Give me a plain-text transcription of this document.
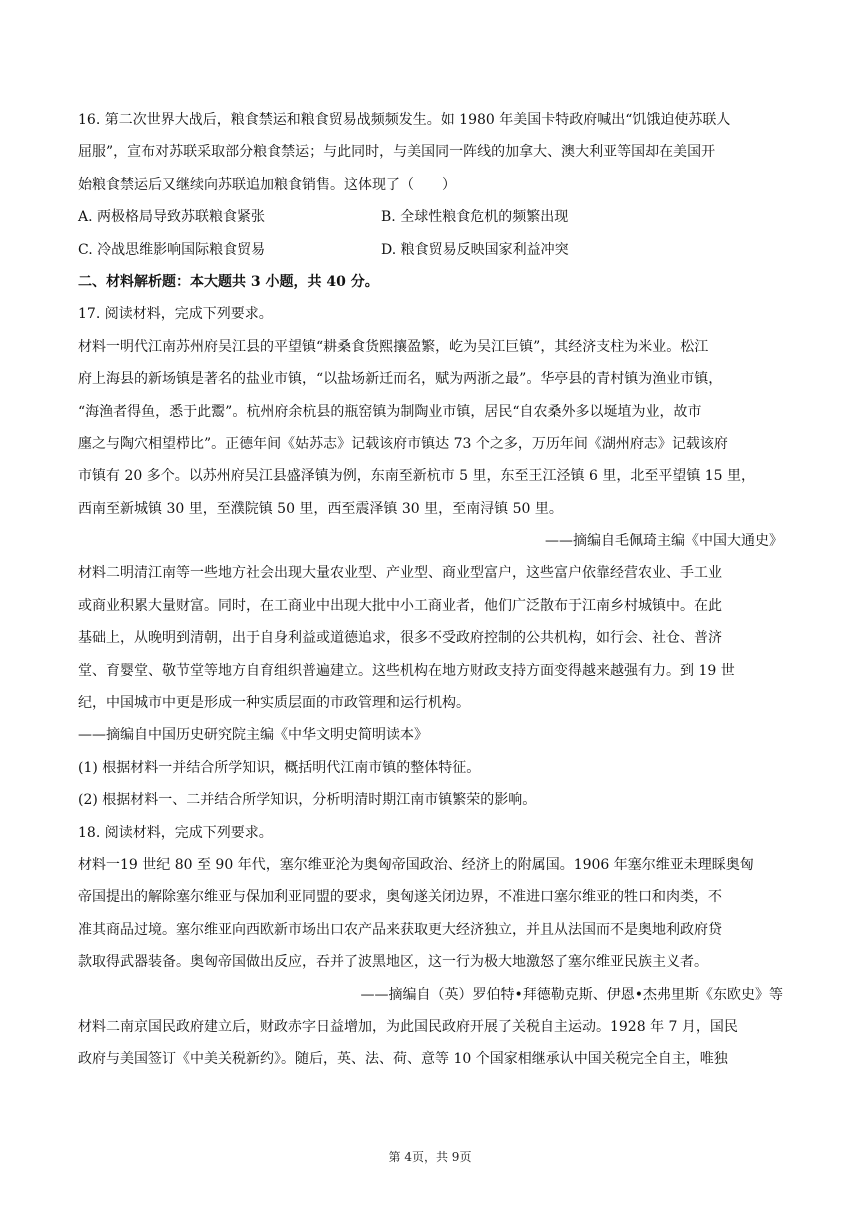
16. 第二次世界大战后，粮食禁运和粮食贸易战频频发生。如 1980 年美国卡特政府喊出“饥饿迫使苏联人
屈服”，宣布对苏联采取部分粮食禁运；与此同时，与美国同一阵线的加拿大、澳大利亚等国却在美国开
始粮食禁运后又继续向苏联追加粮食销售。这体现了（　　）
A. 两极格局导致苏联粮食紧张	B. 全球性粮食危机的频繁出现
C. 冷战思维影响国际粮食贸易	D. 粮食贸易反映国家利益冲突
二、材料解析题：本大题共 3 小题，共 40 分。
17. 阅读材料，完成下列要求。
材料一明代江南苏州府吴江县的平望镇“耕桑食货熙攘盈繁，屹为吴江巨镇”，其经济支柱为米业。松江
府上海县的新场镇是著名的盐业市镇，“以盐场新迁而名，赋为两浙之最”。华亭县的青村镇为渔业市镇，
“海渔者得鱼，悉于此鬻”。杭州府余杭县的瓶窑镇为制陶业市镇，居民“自农桑外多以埏埴为业，故市
廛之与陶穴相望栉比”。正德年间《姑苏志》记载该府市镇达 73 个之多，万历年间《湖州府志》记载该府
市镇有 20 多个。以苏州府吴江县盛泽镇为例，东南至新杭市 5 里，东至王江泾镇 6 里，北至平望镇 15 里，
西南至新城镇 30 里，至濮院镇 50 里，西至震泽镇 30 里，至南浔镇 50 里。
——摘编自毛佩琦主编《中国大通史》
材料二明清江南等一些地方社会出现大量农业型、产业型、商业型富户，这些富户依靠经营农业、手工业
或商业积累大量财富。同时，在工商业中出现大批中小工商业者，他们广泛散布于江南乡村城镇中。在此
基础上，从晚明到清朝，出于自身利益或道德追求，很多不受政府控制的公共机构，如行会、社仓、普济
堂、育婴堂、敬节堂等地方自育组织普遍建立。这些机构在地方财政支持方面变得越来越强有力。到 19 世
纪，中国城市中更是形成一种实质层面的市政管理和运行机构。
——摘编自中国历史研究院主编《中华文明史简明读本》
(1) 根据材料一并结合所学知识，概括明代江南市镇的整体特征。
(2) 根据材料一、二并结合所学知识，分析明清时期江南市镇繁荣的影响。
18. 阅读材料，完成下列要求。
材料一19 世纪 80 至 90 年代，塞尔维亚沦为奥匈帝国政治、经济上的附属国。1906 年塞尔维亚未理睬奥匈
帝国提出的解除塞尔维亚与保加利亚同盟的要求，奥匈遂关闭边界，不准进口塞尔维亚的牲口和肉类，不
准其商品过境。塞尔维亚向西欧新市场出口农产品来获取更大经济独立，并且从法国而不是奥地利政府贷
款取得武器装备。奥匈帝国做出反应，吞并了波黑地区，这一行为极大地激怒了塞尔维亚民族主义者。
——摘编自（英）罗伯特•拜德勒克斯、伊恩•杰弗里斯《东欧史》等
材料二南京国民政府建立后，财政赤字日益增加，为此国民政府开展了关税自主运动。1928 年 7 月，国民
政府与美国签订《中美关税新约》。随后，英、法、荷、意等 10 个国家相继承认中国关税完全自主，唯独
第 4页，共 9页
